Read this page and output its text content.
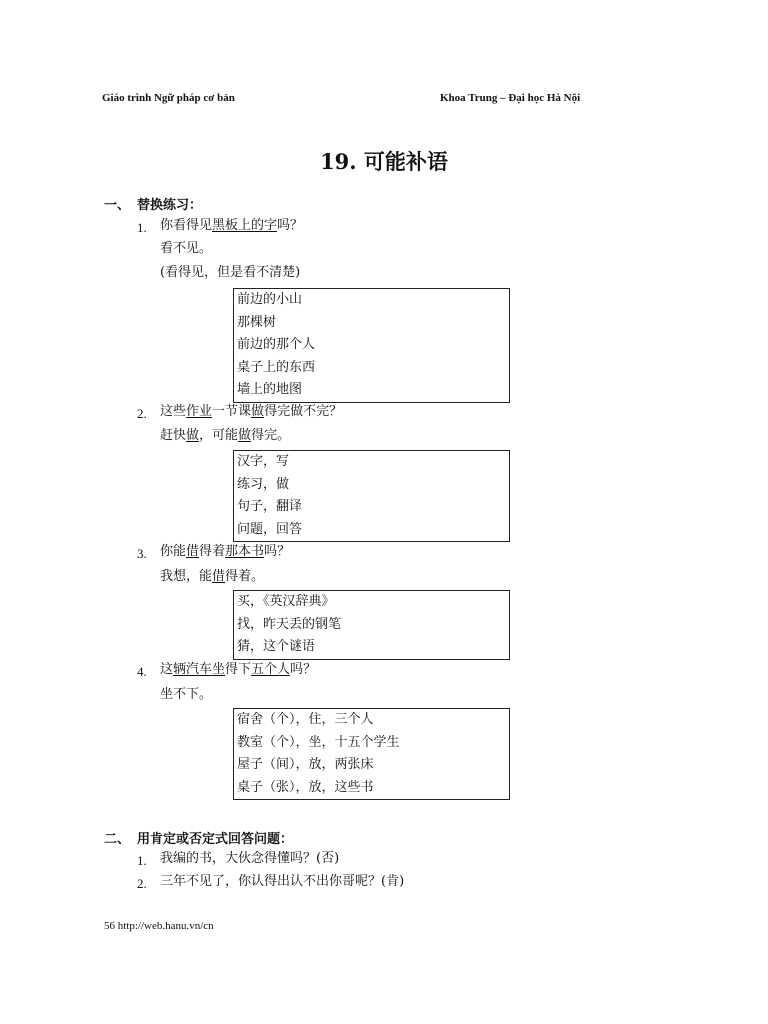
Giáo trình Ngữ pháp cơ bản	Khoa Trung – Đại học Hà Nội
19. 可能补语
一、 替换练习：
1. 你看得见黑板上的字吗？
看不见。
(看得见，但是看不清楚)
前边的小山
那棵树
前边的那个人
桌子上的东西
墙上的地图
2. 这些作业一节课做得完做不完？
赶快做，可能做得完。
汉字，写
练习，做
句子，翻译
问题，回答
3. 你能借得着那本书吗？
我想，能借得着。
买，《英汉辞典》
找，昨天丢的钢笔
猜，这个谜语
4. 这辆汽车坐得下五个人吗？
坐不下。
宿舍（个），住，三个人
教室（个），坐，十五个学生
屋子（间），放，两张床
桌子（张），放，这些书
二、 用肯定或否定式回答问题：
1. 我编的书，大伙念得懂吗？(否)
2. 三年不见了，你认得出认不出你哥呢？(肯)
56 http://web.hanu.vn/cn
